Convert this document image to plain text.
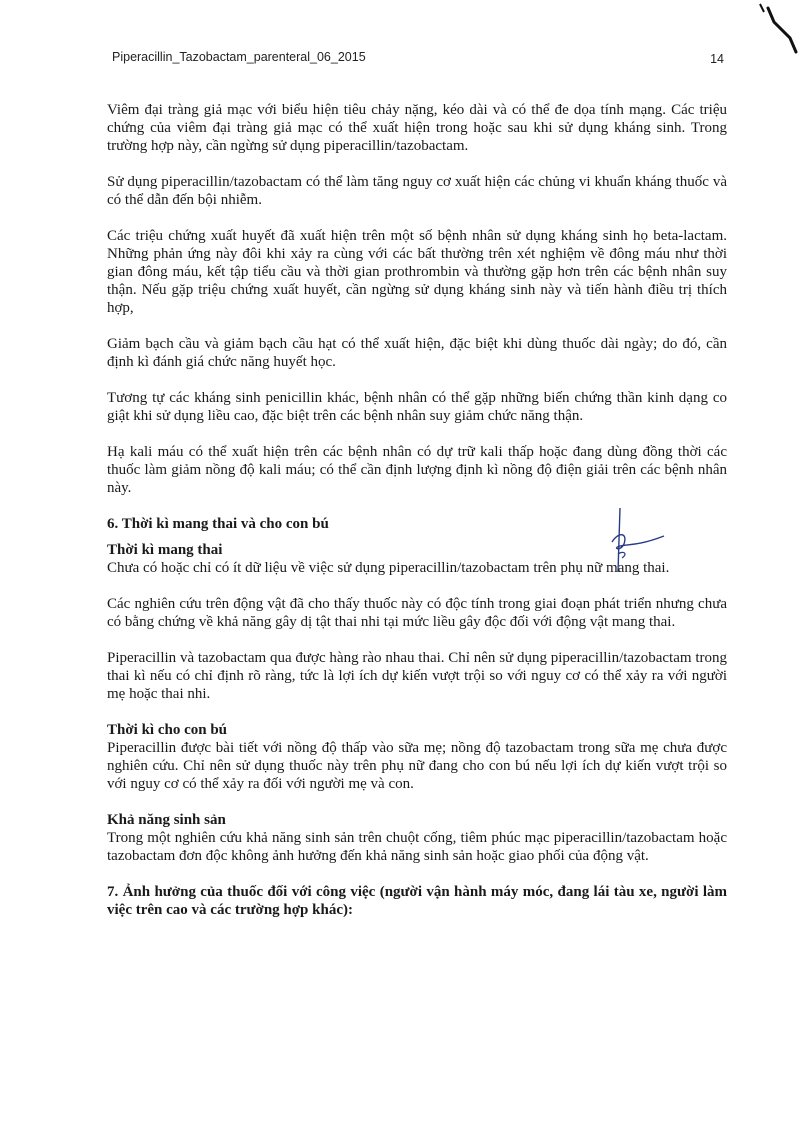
Piperacillin_Tazobactam_parenteral_06_2015	14

Viêm đại tràng giả mạc với biểu hiện tiêu chảy nặng, kéo dài và có thể đe dọa tính mạng. Các triệu chứng của viêm đại tràng giả mạc có thể xuất hiện trong hoặc sau khi sử dụng kháng sinh. Trong trường hợp này, cần ngừng sử dụng piperacillin/tazobactam.

Sử dụng piperacillin/tazobactam có thể làm tăng nguy cơ xuất hiện các chủng vi khuẩn kháng thuốc và có thể dẫn đến bội nhiễm.

Các triệu chứng xuất huyết đã xuất hiện trên một số bệnh nhân sử dụng kháng sinh họ beta-lactam. Những phản ứng này đôi khi xảy ra cùng với các bất thường trên xét nghiệm về đông máu như thời gian đông máu, kết tập tiểu cầu và thời gian prothrombin và thường gặp hơn trên các bệnh nhân suy thận. Nếu gặp triệu chứng xuất huyết, cần ngừng sử dụng kháng sinh này và tiến hành điều trị thích hợp,

Giảm bạch cầu và giảm bạch cầu hạt có thể xuất hiện, đặc biệt khi dùng thuốc dài ngày; do đó, cần định kì đánh giá chức năng huyết học.

Tương tự các kháng sinh penicillin khác, bệnh nhân có thể gặp những biến chứng thần kinh dạng co giật khi sử dụng liều cao, đặc biệt trên các bệnh nhân suy giảm chức năng thận.

Hạ kali máu có thể xuất hiện trên các bệnh nhân có dự trữ kali thấp hoặc đang dùng đồng thời các thuốc làm giảm nồng độ kali máu; có thể cần định lượng định kì nồng độ điện giải trên các bệnh nhân này.

6. Thời kì mang thai và cho con bú
Thời kì mang thai

Chưa có hoặc chỉ có ít dữ liệu về việc sử dụng piperacillin/tazobactam trên phụ nữ mang thai.

Các nghiên cứu trên động vật đã cho thấy thuốc này có độc tính trong giai đoạn phát triển nhưng chưa có bằng chứng về khả năng gây dị tật thai nhi tại mức liều gây độc đối với động vật mang thai.

Piperacillin và tazobactam qua được hàng rào nhau thai. Chỉ nên sử dụng piperacillin/tazobactam trong thai kì nếu có chỉ định rõ ràng, tức là lợi ích dự kiến vượt trội so với nguy cơ có thể xảy ra với người mẹ hoặc thai nhi.

Thời kì cho con bú

Piperacillin được bài tiết với nồng độ thấp vào sữa mẹ; nồng độ tazobactam trong sữa mẹ chưa được nghiên cứu. Chỉ nên sử dụng thuốc này trên phụ nữ đang cho con bú nếu lợi ích dự kiến vượt trội so với nguy cơ có thể xảy ra đối với người mẹ và con.

Khả năng sinh sản

Trong một nghiên cứu khả năng sinh sản trên chuột cống, tiêm phúc mạc piperacillin/tazobactam hoặc tazobactam đơn độc không ảnh hưởng đến khả năng sinh sản hoặc giao phối của động vật.

7. Ảnh hưởng của thuốc đối với công việc (người vận hành máy móc, đang lái tàu xe, người làm việc trên cao và các trường hợp khác):
